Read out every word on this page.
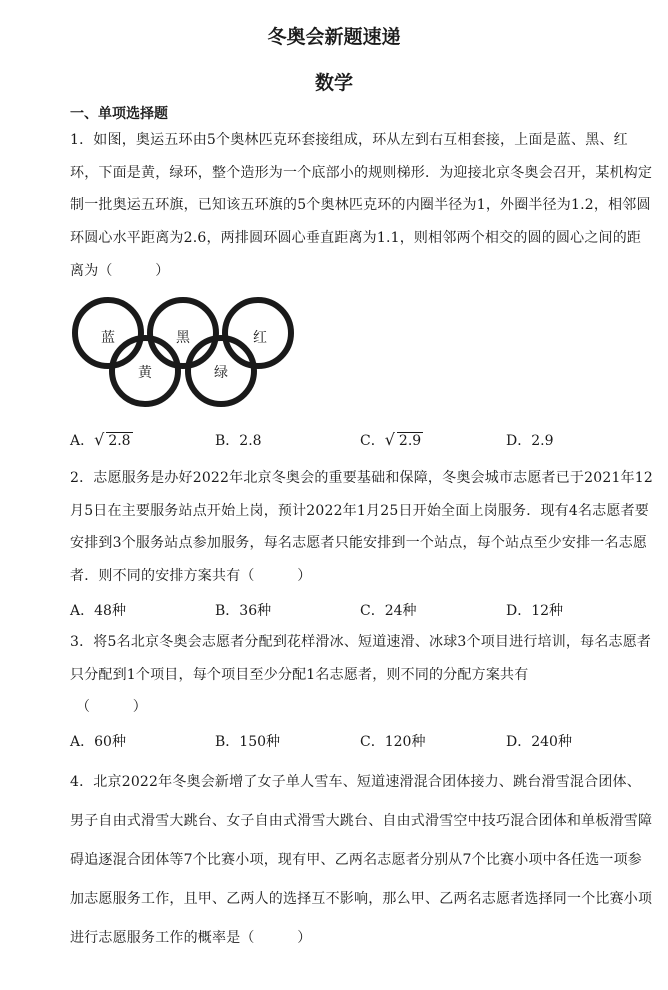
冬奥会新题速递
数学
一、单项选择题

1．如图，奥运五环由5个奥林匹克环套接组成，环从左到右互相套接，上面是蓝、黑、红环，下面是黄，绿环，整个造形为一个底部小的规则梯形．为迎接北京冬奥会召开，某机构定制一批奥运五环旗，已知该五环旗的5个奥林匹克环的内圈半径为1，外圈半径为1.2，相邻圆环圆心水平距离为2.6，两排圆环圆心垂直距离为1.1，则相邻两个相交的圆的圆心之间的距离为（　　　）

蓝	黑	红
黄	绿
A．√ 2.8	B．2.8	C．√ 2.9	D．2.9

2．志愿服务是办好2022年北京冬奥会的重要基础和保障，冬奥会城市志愿者已于2021年12月5日在主要服务站点开始上岗，预计2022年1月25日开始全面上岗服务．现有4名志愿者要安排到3个服务站点参加服务，每名志愿者只能安排到一个站点，每个站点至少安排一名志愿者．则不同的安排方案共有（　　　）

A．48种	B．36种	C．24种	D．12种

3．将5名北京冬奥会志愿者分配到花样滑冰、短道速滑、冰球3个项目进行培训，每名志愿者只分配到1个项目，每个项目至少分配1名志愿者，则不同的分配方案共有

（　　　）
A．60种	B．150种	C．120种	D．240种

4．北京2022年冬奥会新增了女子单人雪车、短道速滑混合团体接力、跳台滑雪混合团体、男子自由式滑雪大跳台、女子自由式滑雪大跳台、自由式滑雪空中技巧混合团体和单板滑雪障碍追逐混合团体等7个比赛小项，现有甲、乙两名志愿者分别从7个比赛小项中各任选一项参加志愿服务工作，且甲、乙两人的选择互不影响，那么甲、乙两名志愿者选择同一个比赛小项进行志愿服务工作的概率是（　　　）
